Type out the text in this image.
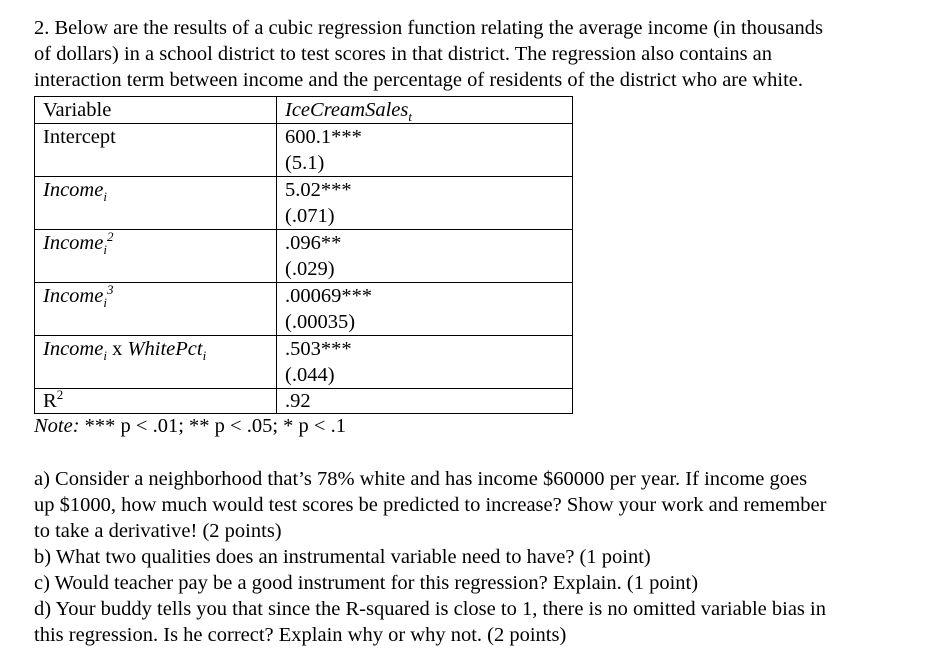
2. Below are the results of a cubic regression function relating the average income (in thousands
of dollars) in a school district to test scores in that district. The regression also contains an
interaction term between income and the percentage of residents of the district who are white.
Variable	IceCreamSales$_t$
Intercept	600.1***
(5.1)

Income$_i$	5.02***
(.071)

Income$_i^2$	.096**
(.029)

Income$_i^3$	.00069***
(.00035)

Income$_i$ x WhitePct$_i$	.503***
(.044)

$R^2$	.92

Note: *** p < .01; ** p < .05; * p < .1

a) Consider a neighborhood that’s 78% white and has income $60000 per year. If income goes
up $1000, how much would test scores be predicted to increase? Show your work and remember
to take a derivative! (2 points)
b) What two qualities does an instrumental variable need to have? (1 point)
c) Would teacher pay be a good instrument for this regression? Explain. (1 point)
d) Your buddy tells you that since the R-squared is close to 1, there is no omitted variable bias in
this regression. Is he correct? Explain why or why not. (2 points)
